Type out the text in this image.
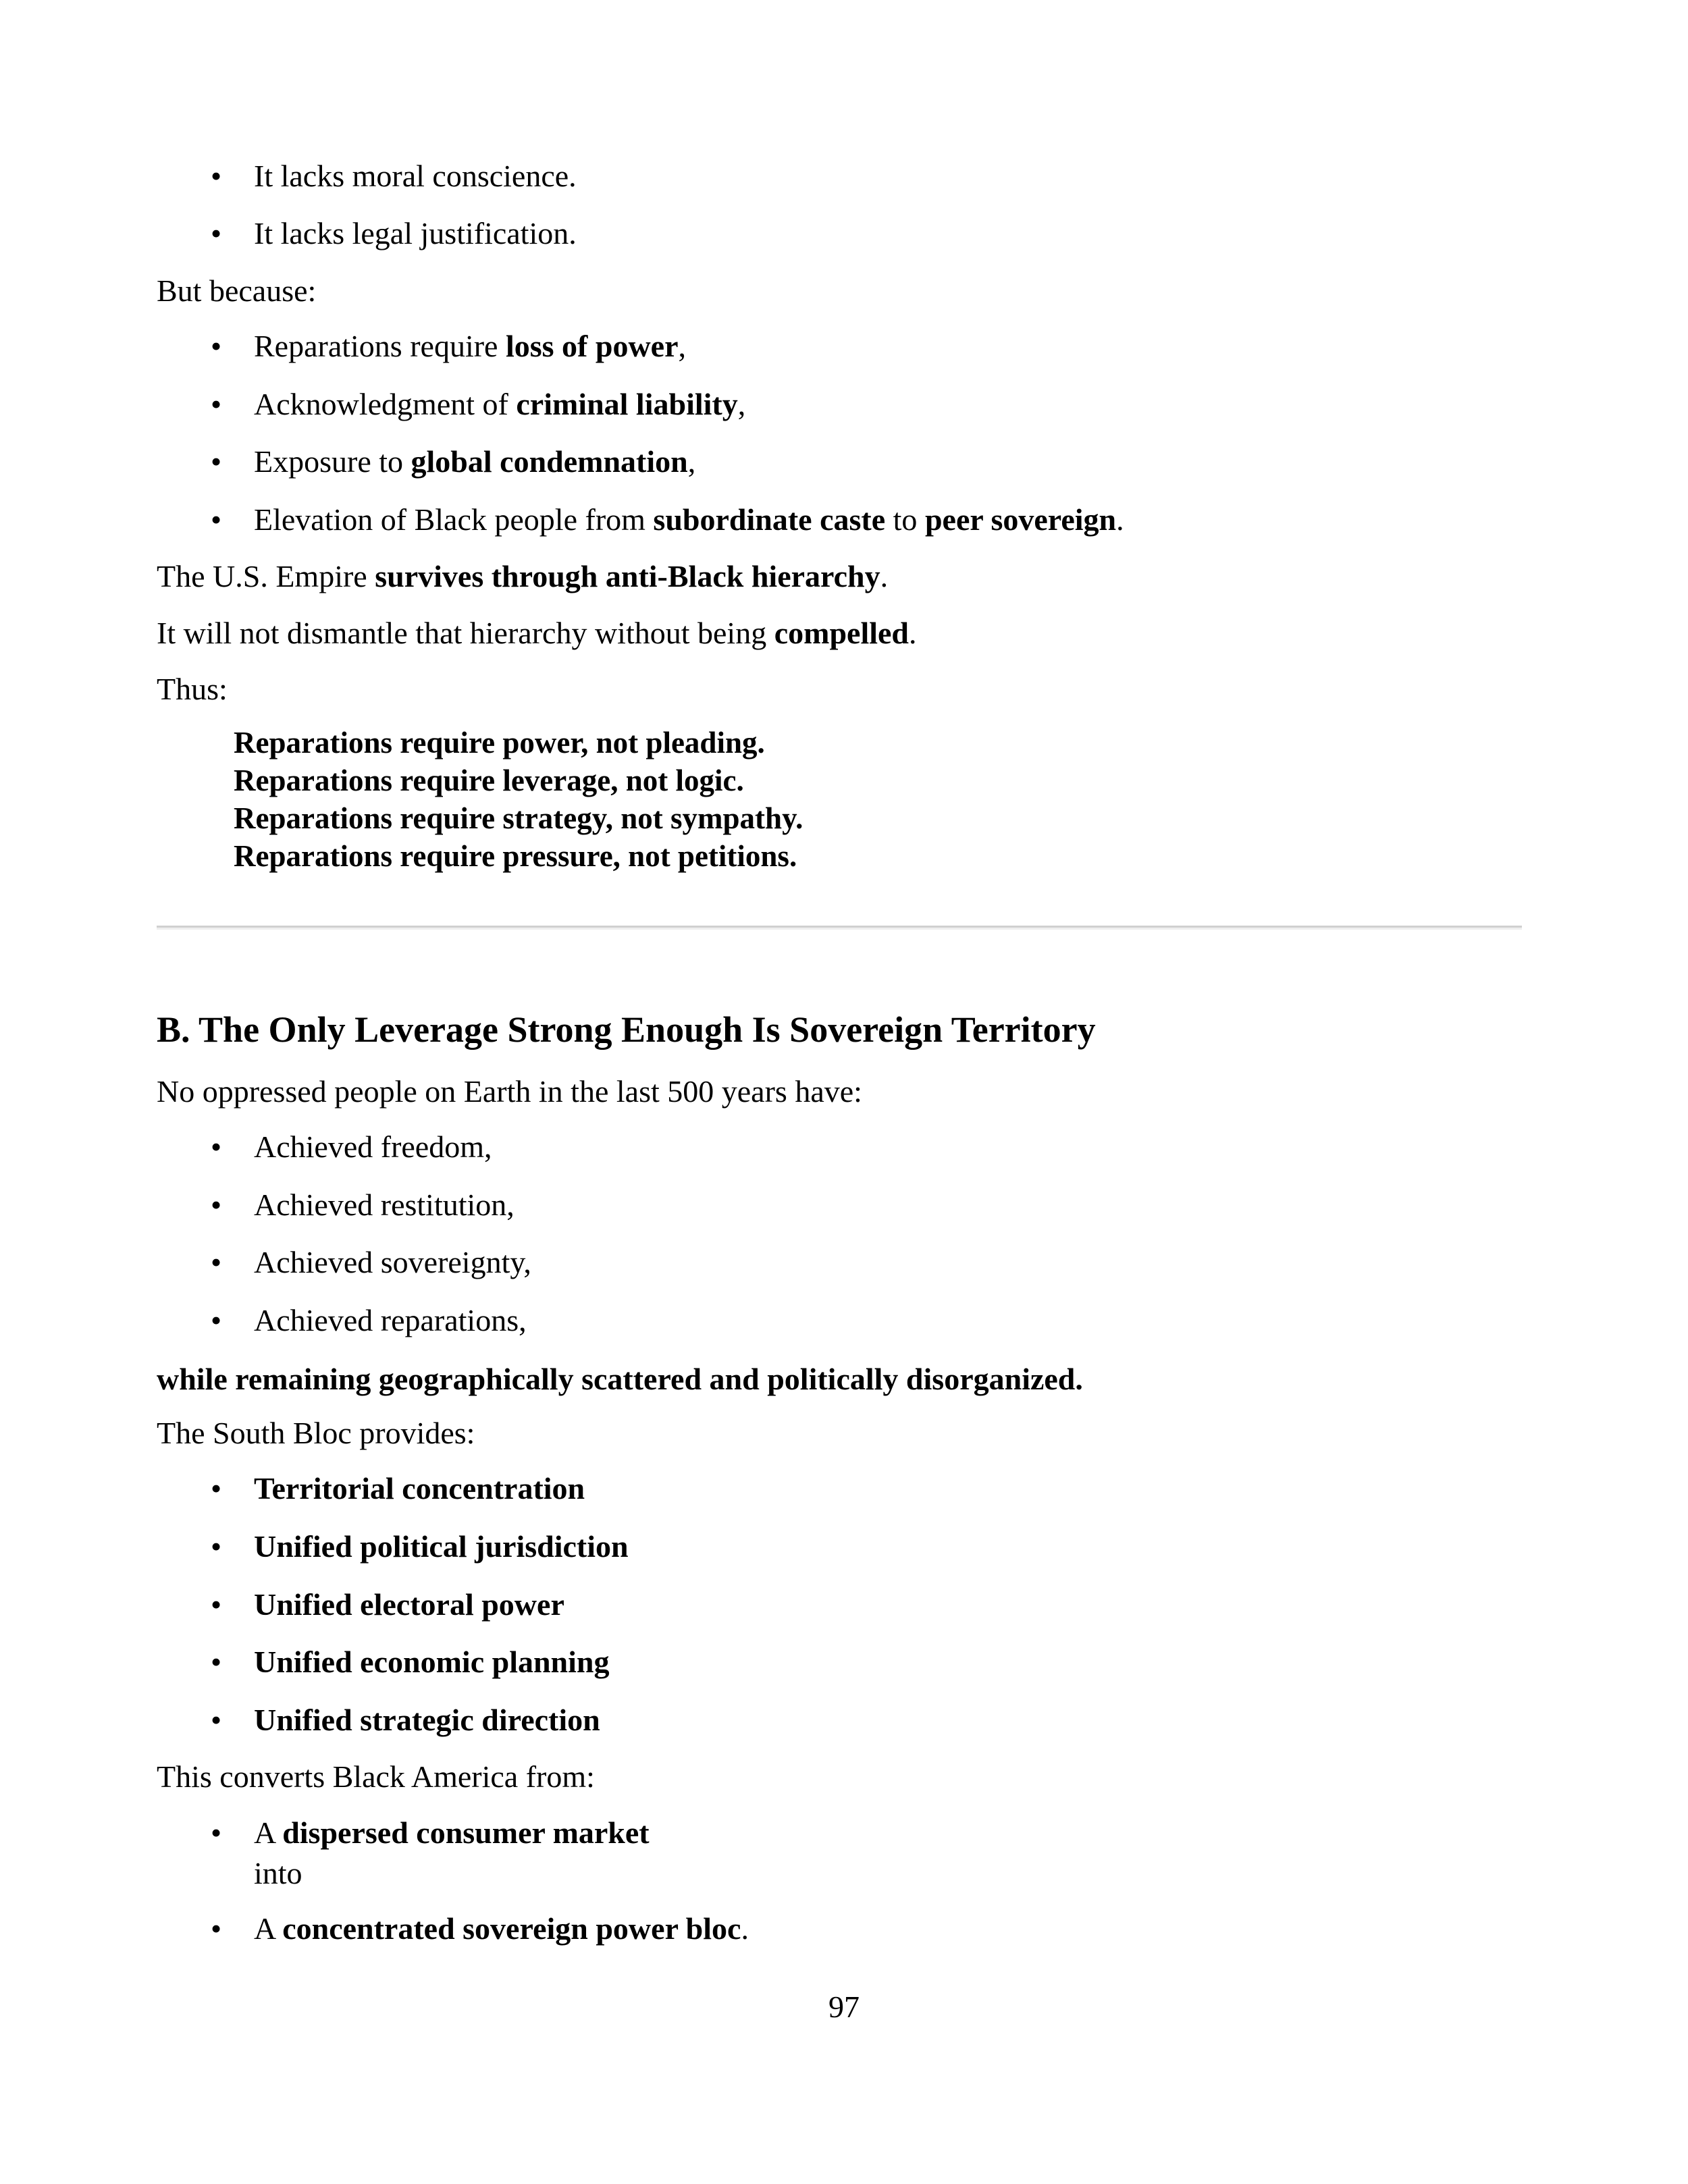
• It lacks moral conscience.
• It lacks legal justification.
But because:
• Reparations require loss of power,
• Acknowledgment of criminal liability,
• Exposure to global condemnation,
• Elevation of Black people from subordinate caste to peer sovereign.
The U.S. Empire survives through anti-Black hierarchy.
It will not dismantle that hierarchy without being compelled.
Thus:
Reparations require power, not pleading.
Reparations require leverage, not logic.
Reparations require strategy, not sympathy.
Reparations require pressure, not petitions.
B. The Only Leverage Strong Enough Is Sovereign Territory
No oppressed people on Earth in the last 500 years have:
• Achieved freedom,
• Achieved restitution,
• Achieved sovereignty,
• Achieved reparations,
while remaining geographically scattered and politically disorganized.
The South Bloc provides:
• Territorial concentration
• Unified political jurisdiction
• Unified electoral power
• Unified economic planning
• Unified strategic direction
This converts Black America from:
• A dispersed consumer market
into
• A concentrated sovereign power bloc.
97
